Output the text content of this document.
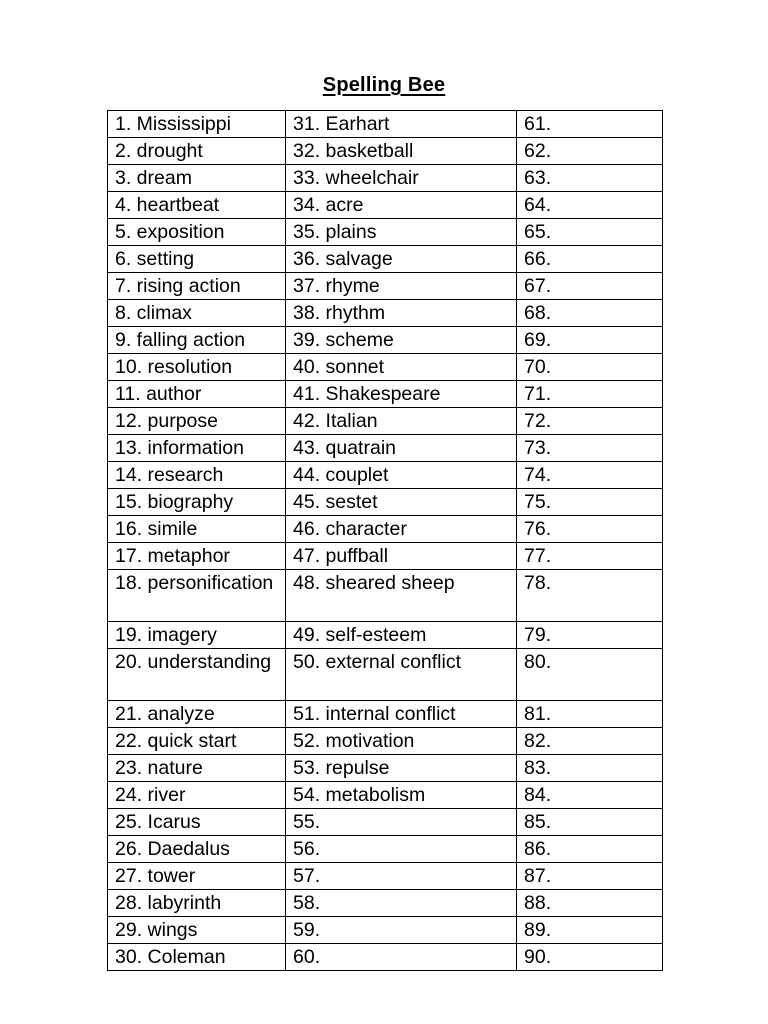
Spelling Bee
1. Mississippi	31. Earhart	61.
2. drought	32. basketball	62.
3. dream	33. wheelchair	63.
4. heartbeat	34. acre	64.
5. exposition	35. plains	65.
6. setting	36. salvage	66.
7. rising action	37. rhyme	67.
8. climax	38. rhythm	68.
9. falling action	39. scheme	69.
10. resolution	40. sonnet	70.
11. author	41. Shakespeare	71.
12. purpose	42. Italian	72.
13. information	43. quatrain	73.
14. research	44. couplet	74.
15. biography	45. sestet	75.
16. simile	46. character	76.
17. metaphor	47. puffball	77.
18. personification	48. sheared sheep	78.
19. imagery	49. self-esteem	79.
20. understanding	50. external conflict	80.
21. analyze	51. internal conflict	81.
22. quick start	52. motivation	82.
23. nature	53. repulse	83.
24. river	54. metabolism	84.
25. Icarus	55.	85.
26. Daedalus	56.	86.
27. tower	57.	87.
28. labyrinth	58.	88.
29. wings	59.	89.
30. Coleman	60.	90.
